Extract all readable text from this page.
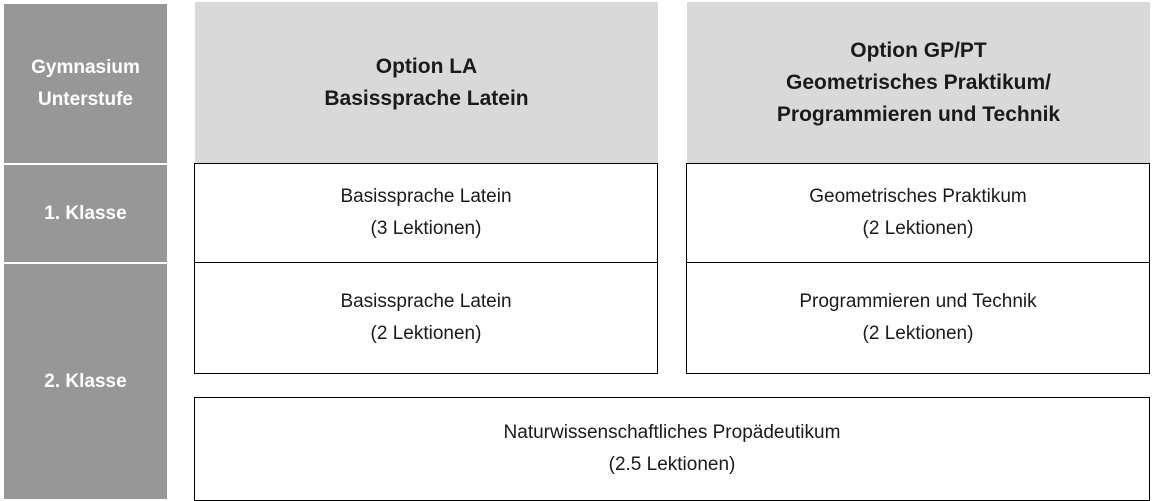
Gymnasium
Unterstufe
1. Klasse
2. Klasse
Option LA
Basissprache Latein
Option GP/PT
Geometrisches Praktikum/
Programmieren und Technik
Basissprache Latein
(3 Lektionen)
Basissprache Latein
(2 Lektionen)
Geometrisches Praktikum
(2 Lektionen)
Programmieren und Technik
(2 Lektionen)
Naturwissenschaftliches Propädeutikum
(2.5 Lektionen)
